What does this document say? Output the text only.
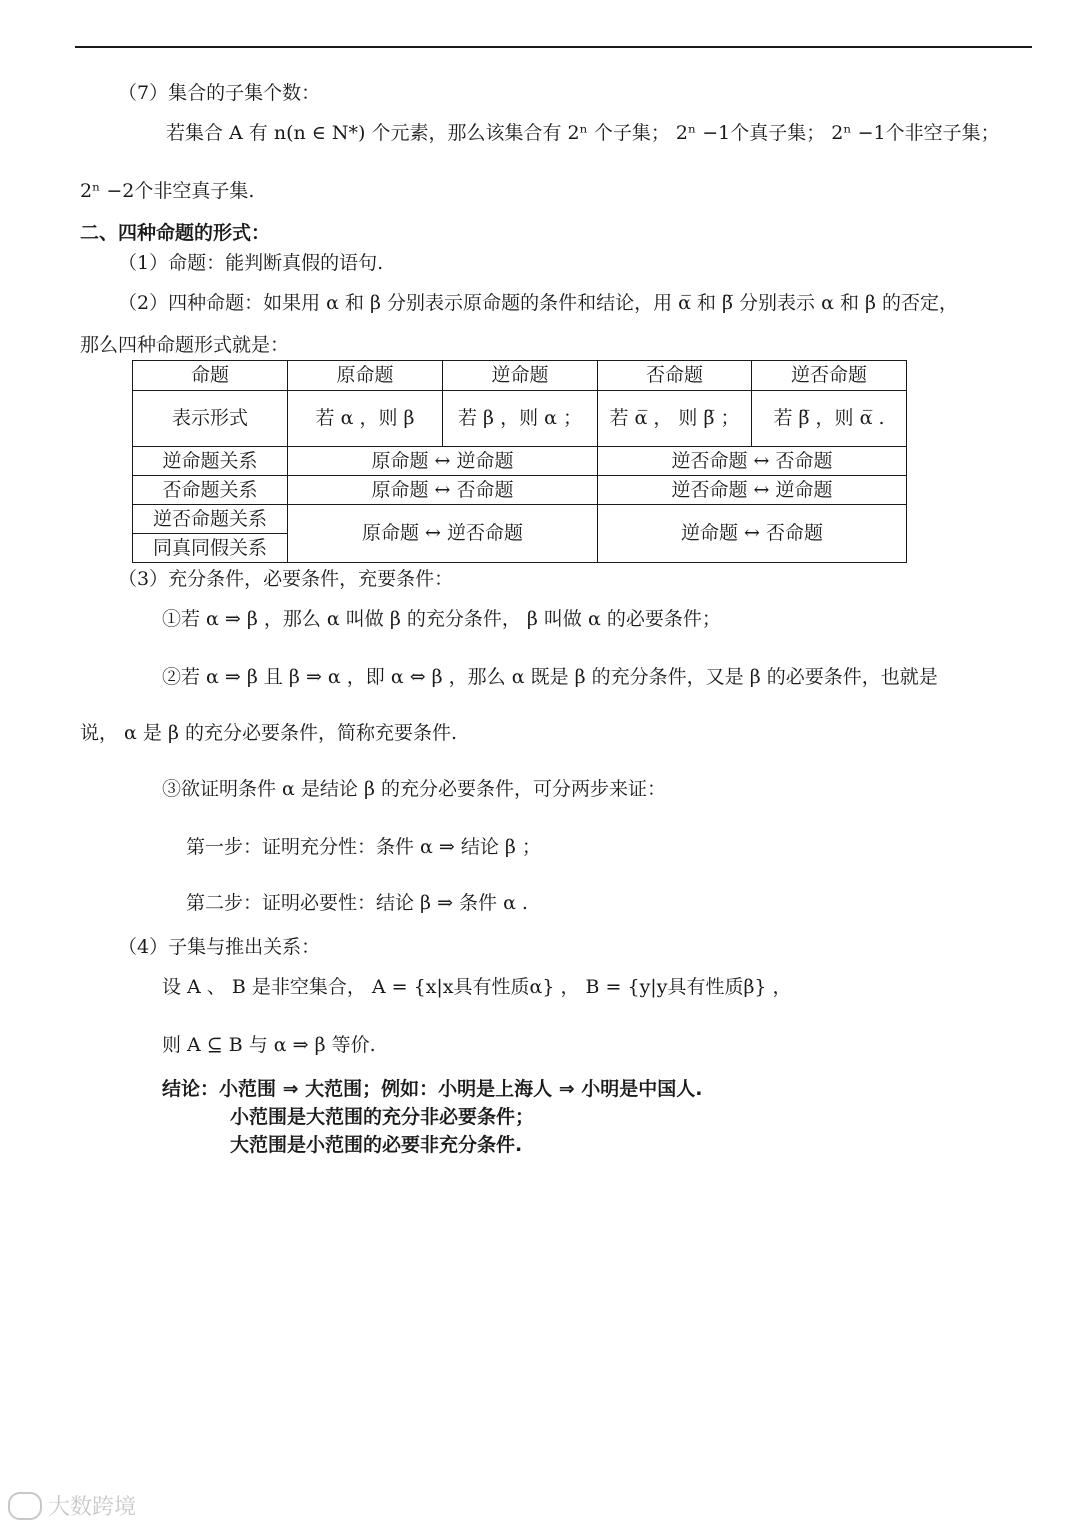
（7）集合的子集个数：
若集合 A 有 n(n ∈ N*) 个元素，那么该集合有 2ⁿ 个子集； 2ⁿ −1个真子集； 2ⁿ −1个非空子集；
2ⁿ −2个非空真子集.
二、四种命题的形式：
（1）命题：能判断真假的语句.
（2）四种命题：如果用 α 和 β 分别表示原命题的条件和结论，用 α̅ 和 β̅ 分别表示 α 和 β 的否定，
那么四种命题形式就是：
命题	原命题	逆命题	否命题	逆否命题
表示形式	若 α ，则 β	若 β ，则 α ；	若 α̅ ， 则 β̅ ；	若 β̅ ，则 α̅ .
逆命题关系	原命题 ↔ 逆命题		逆否命题 ↔ 否命题	
否命题关系	原命题 ↔ 否命题		逆否命题 ↔ 逆命题	
逆否命题关系	原命题 ↔ 逆否命题		逆命题 ↔ 否命题	
同真同假关系				
（3）充分条件，必要条件，充要条件：
①若 α ⇒ β ，那么 α 叫做 β 的充分条件， β 叫做 α 的必要条件；
②若 α ⇒ β 且 β ⇒ α ，即 α ⇔ β ，那么 α 既是 β 的充分条件，又是 β 的必要条件，也就是
说， α 是 β 的充分必要条件，简称充要条件.
③欲证明条件 α 是结论 β 的充分必要条件，可分两步来证：
第一步：证明充分性：条件 α ⇒ 结论 β ；
第二步：证明必要性：结论 β ⇒ 条件 α .
（4）子集与推出关系：
设 A 、 B 是非空集合， A = {x|x具有性质α} ， B = {y|y具有性质β} ，
则 A ⊆ B 与 α ⇒ β 等价.
结论：小范围 ⇒ 大范围；例如：小明是上海人 ⇒ 小明是中国人.
小范围是大范围的充分非必要条件；
大范围是小范围的必要非充分条件.
大数跨境
